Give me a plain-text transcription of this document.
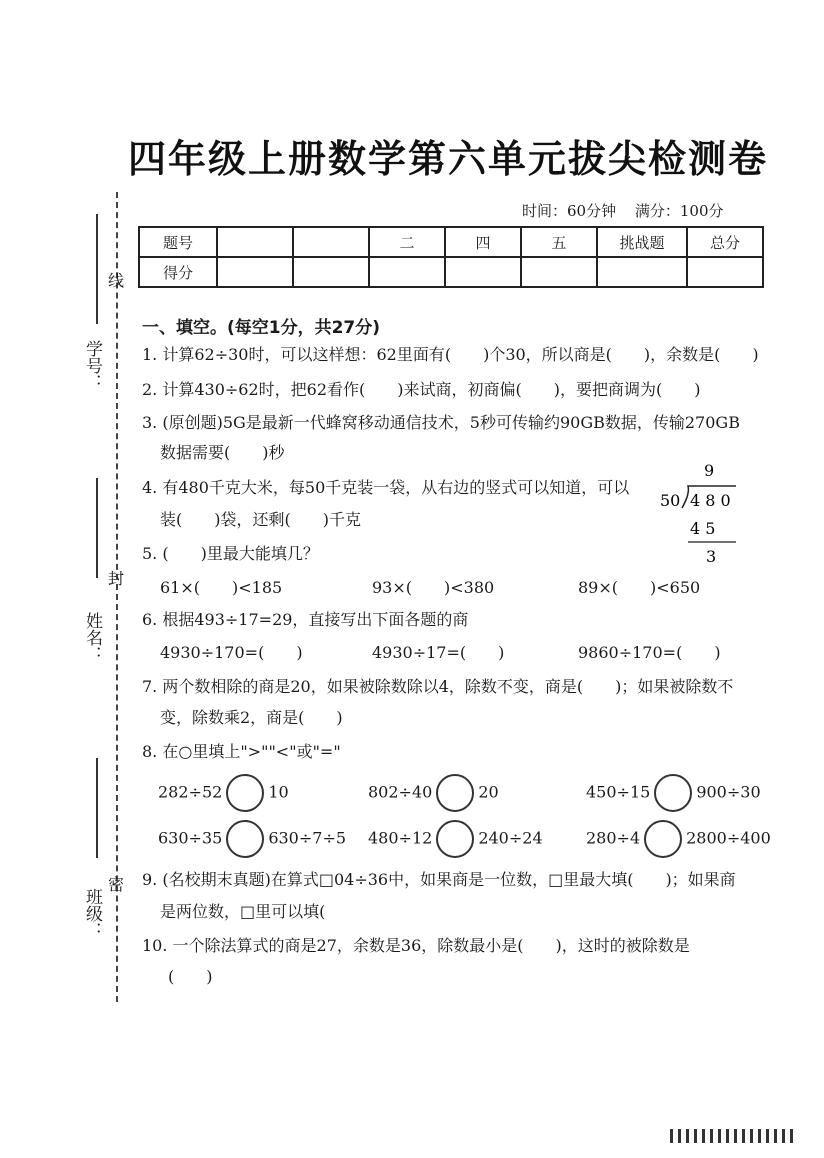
四年级上册数学第六单元拔尖检测卷
时间：60分钟 满分：100分
题号			二	四	五	挑战题	总分
得分							
学号：
姓名：
班级：
线
封
密
一、填空。(每空1分，共27分)
1. 计算62÷30时，可以这样想：62里面有(　　)个30，所以商是(　　)，余数是(　　)
2. 计算430÷62时，把62看作(　　)来试商，初商偏(　　)，要把商调为(　　)
3. (原创题)5G是最新一代蜂窝移动通信技术，5秒可传输约90GB数据，传输270GB
数据需要(　　)秒
4. 有480千克大米，每50千克装一袋，从右边的竖式可以知道，可以
装(　　)袋，还剩(　　)千克
9
50 4 8 0
4 5
3
5. (　　)里最大能填几？
61×(　　)<185	93×(　　)<380	89×(　　)<650
6. 根据493÷17=29，直接写出下面各题的商
4930÷170=(　　)	4930÷17=(　　)	9860÷170=(　　)
7. 两个数相除的商是20，如果被除数除以4，除数不变，商是(　　)；如果被除数不
变，除数乘2，商是(　　)
8. 在○里填上">""<"或"="
282÷52	10	802÷40	20	450÷15	900÷30
630÷35	630÷7÷5 480÷12	240÷24	280÷4	2800÷400
9. (名校期末真题)在算式□04÷36中，如果商是一位数，□里最大填(　　)；如果商
是两位数，□里可以填(
10. 一个除法算式的商是27，余数是36，除数最小是(　　)，这时的被除数是
(　　)
